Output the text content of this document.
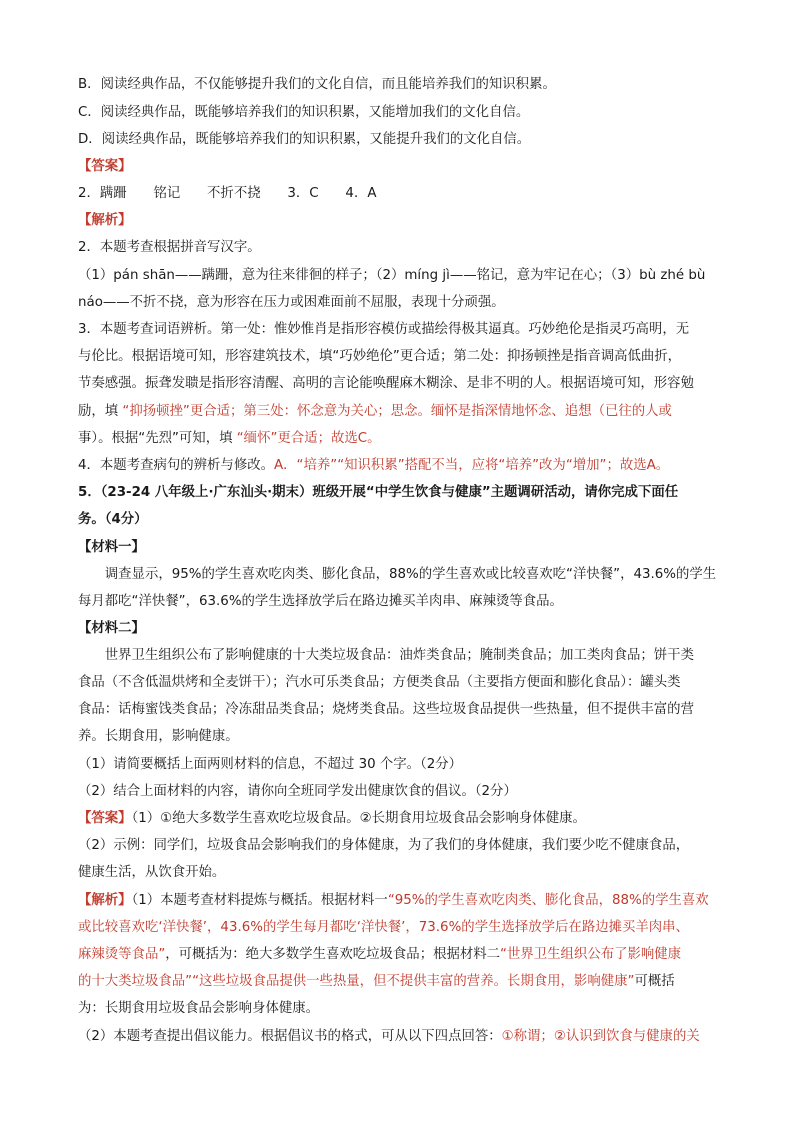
B．阅读经典作品，不仅能够提升我们的文化自信，而且能培养我们的知识积累。
C．阅读经典作品，既能够培养我们的知识积累，又能增加我们的文化自信。
D．阅读经典作品，既能够培养我们的知识积累，又能提升我们的文化自信。
【答案】
2．蹒跚　　铭记　　不折不挠　　3．C　　4．A
【解析】
2．本题考查根据拼音写汉字。
（1）pán shān——蹒跚，意为往来徘徊的样子；（2）míng jì——铭记，意为牢记在心；（3）bù zhé bù
náo——不折不挠，意为形容在压力或困难面前不屈服，表现十分顽强。
3．本题考查词语辨析。第一处：惟妙惟肖是指形容模仿或描绘得极其逼真。巧妙绝伦是指灵巧高明，无
与伦比。根据语境可知，形容建筑技术，填“巧妙绝伦”更合适；第二处：抑扬顿挫是指音调高低曲折，
节奏感强。振聋发聩是指形容清醒、高明的言论能唤醒麻木糊涂、是非不明的人。根据语境可知，形容勉
励，填 “抑扬顿挫”更合适；第三处：怀念意为关心；思念。缅怀是指深情地怀念、追想（已往的人或
事）。根据“先烈”可知，填 “缅怀”更合适；故选C。
4．本题考查病句的辨析与修改。A．“培养”“知识积累”搭配不当，应将“培养”改为“增加”；故选A。
5．（23-24 八年级上·广东汕头·期末）班级开展“中学生饮食与健康”主题调研活动，请你完成下面任
务。（4分）
【材料一】
　　调查显示，95%的学生喜欢吃肉类、膨化食品，88%的学生喜欢或比较喜欢吃“洋快餐”，43.6%的学生
每月都吃“洋快餐”，63.6%的学生选择放学后在路边摊买羊肉串、麻辣烫等食品。
【材料二】
　　世界卫生组织公布了影响健康的十大类垃圾食品：油炸类食品；腌制类食品；加工类肉食品；饼干类
食品（不含低温烘烤和全麦饼干）；汽水可乐类食品；方便类食品（主要指方便面和膨化食品）：罐头类
食品：话梅蜜饯类食品；冷冻甜品类食品；烧烤类食品。这些垃圾食品提供一些热量，但不提供丰富的营
养。长期食用，影响健康。
（1）请简要概括上面两则材料的信息，不超过 30 个字。（2分）
（2）结合上面材料的内容，请你向全班同学发出健康饮食的倡议。（2分）
【答案】（1）①绝大多数学生喜欢吃垃圾食品。②长期食用垃圾食品会影响身体健康。
（2）示例：同学们，垃圾食品会影响我们的身体健康，为了我们的身体健康，我们要少吃不健康食品，
健康生活，从饮食开始。
【解析】（1）本题考查材料提炼与概括。根据材料一“95%的学生喜欢吃肉类、膨化食品，88%的学生喜欢
或比较喜欢吃‘洋快餐’，43.6%的学生每月都吃‘洋快餐’，73.6%的学生选择放学后在路边摊买羊肉串、
麻辣烫等食品”，可概括为：绝大多数学生喜欢吃垃圾食品；根据材料二“世界卫生组织公布了影响健康
的十大类垃圾食品”“这些垃圾食品提供一些热量，但不提供丰富的营养。长期食用，影响健康”可概括
为：长期食用垃圾食品会影响身体健康。
（2）本题考查提出倡议能力。根据倡议书的格式，可从以下四点回答：①称谓；②认识到饮食与健康的关
